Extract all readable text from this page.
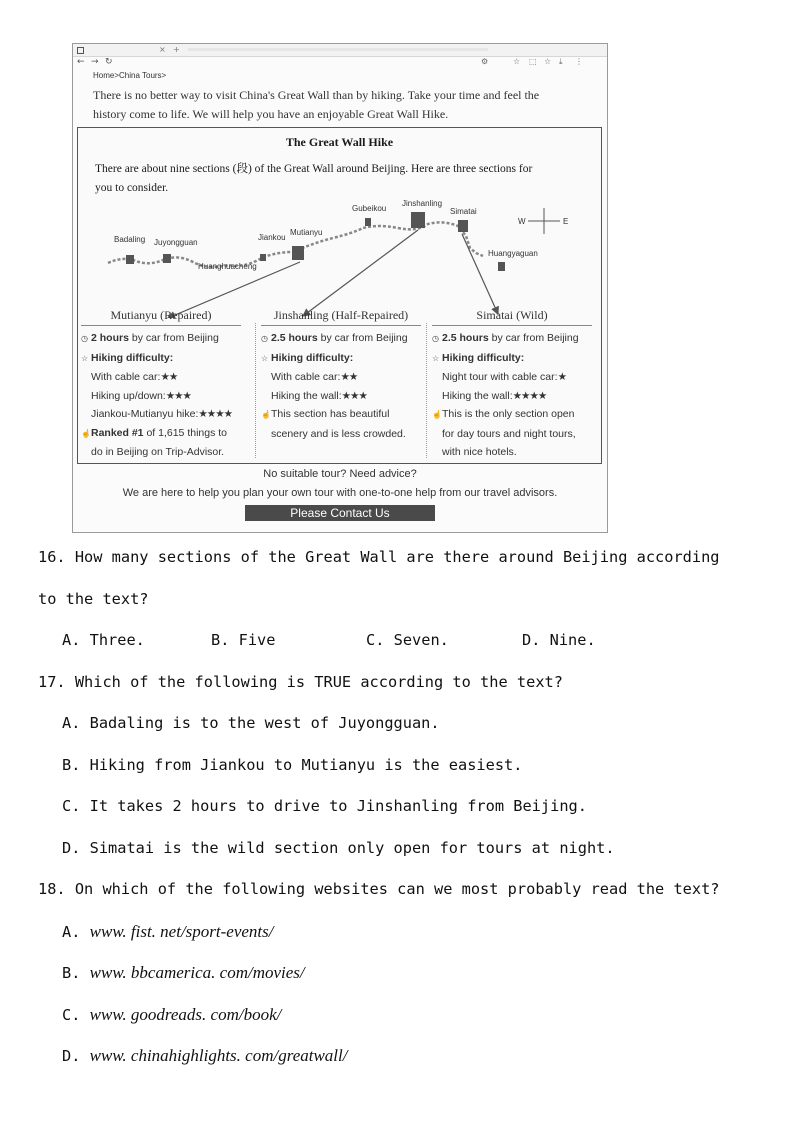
× +
← → ↻	⚙	☆ ⬚ ☆ ⤓ ⋮
Home>China Tours>
There is no better way to visit China's Great Wall than by hiking. Take your time and feel the
history come to life. We will help you have an enjoyable Great Wall Hike.
The Great Wall Hike
There are about nine sections (段) of the Great Wall around Beijing. Here are three sections for
you to consider.
Badaling Juyongguan
Huanghuacheng
Jiankou
Mutianyu
Gubeikou
Jinshanling
Simatai
Huangyaguan
W	E
Mutianyu (Repaired)
◷ 2 hours by car from Beijing
☆ Hiking difficulty:
With cable car:★★
Hiking up/down:★★★
Jiankou-Mutianyu hike:★★★★
☝Ranked #1 of 1,615 things to
do in Beijing on Trip-Advisor.
Jinshanling (Half-Repaired)
◷ 2.5 hours by car from Beijing
☆ Hiking difficulty:
With cable car:★★
Hiking the wall:★★★
☝This section has beautiful
scenery and is less crowded.
Simatai (Wild)
◷ 2.5 hours by car from Beijing
☆ Hiking difficulty:
Night tour with cable car:★
Hiking the wall:★★★★
☝This is the only section open
for day tours and night tours,
with nice hotels.
No suitable tour? Need advice?
We are here to help you plan your own tour with one-to-one help from our travel advisors.
Please Contact Us
16. How many sections of the Great Wall are there around Beijing according
to the text?
A. Three.	B. Five	C. Seven.	D. Nine.
17. Which of the following is TRUE according to the text?
A. Badaling is to the west of Juyongguan.
B. Hiking from Jiankou to Mutianyu is the easiest.
C. It takes 2 hours to drive to Jinshanling from Beijing.
D. Simatai is the wild section only open for tours at night.
18. On which of the following websites can we most probably read the text?
A. www. fist. net/sport-events/
B. www. bbcamerica. com/movies/
C. www. goodreads. com/book/
D. www. chinahighlights. com/greatwall/
